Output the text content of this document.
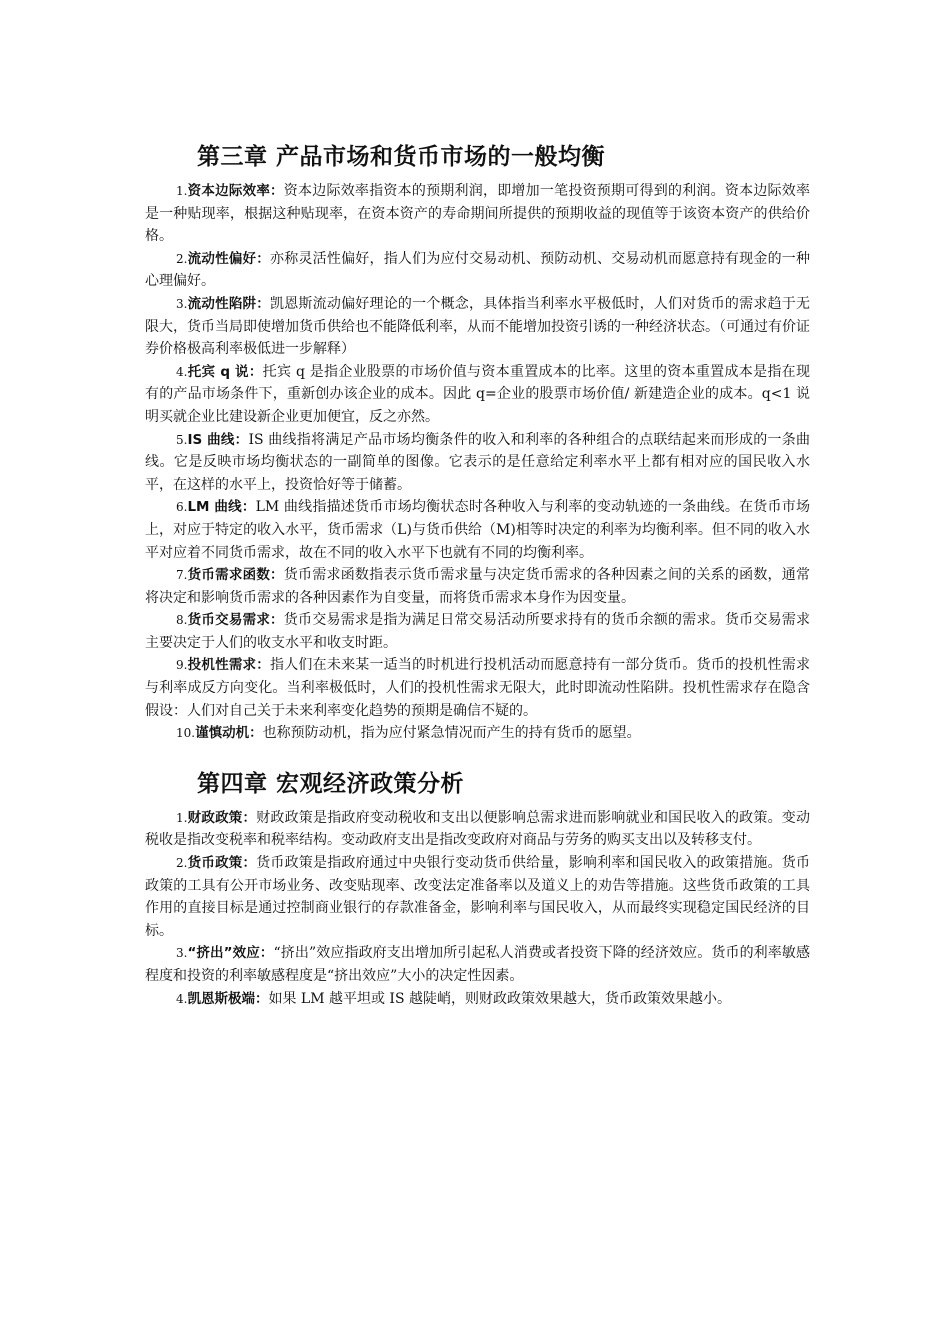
第三章 产品市场和货币市场的一般均衡

1.资本边际效率：资本边际效率指资本的预期利润，即增加一笔投资预期可得到的利润。资本边际效率是一种贴现率，根据这种贴现率，在资本资产的寿命期间所提供的预期收益的现值等于该资本资产的供给价格。

2.流动性偏好：亦称灵活性偏好，指人们为应付交易动机、预防动机、交易动机而愿意持有现金的一种心理偏好。

3.流动性陷阱：凯恩斯流动偏好理论的一个概念，具体指当利率水平极低时，人们对货币的需求趋于无限大，货币当局即使增加货币供给也不能降低利率，从而不能增加投资引诱的一种经济状态。（可通过有价证券价格极高利率极低进一步解释）

4.托宾 q 说：托宾 q 是指企业股票的市场价值与资本重置成本的比率。这里的资本重置成本是指在现有的产品市场条件下，重新创办该企业的成本。因此 q=企业的股票市场价值/ 新建造企业的成本。q<1 说明买就企业比建设新企业更加便宜，反之亦然。

5.IS 曲线：IS 曲线指将满足产品市场均衡条件的收入和利率的各种组合的点联结起来而形成的一条曲线。它是反映市场均衡状态的一副简单的图像。它表示的是任意给定利率水平上都有相对应的国民收入水平，在这样的水平上，投资恰好等于储蓄。

6.LM 曲线：LM 曲线指描述货币市场均衡状态时各种收入与利率的变动轨迹的一条曲线。在货币市场上，对应于特定的收入水平，货币需求（L)与货币供给（M)相等时决定的利率为均衡利率。但不同的收入水平对应着不同货币需求，故在不同的收入水平下也就有不同的均衡利率。

7.货币需求函数：货币需求函数指表示货币需求量与决定货币需求的各种因素之间的关系的函数，通常将决定和影响货币需求的各种因素作为自变量，而将货币需求本身作为因变量。

8.货币交易需求：货币交易需求是指为满足日常交易活动所要求持有的货币余额的需求。货币交易需求主要决定于人们的收支水平和收支时距。

9.投机性需求：指人们在未来某一适当的时机进行投机活动而愿意持有一部分货币。货币的投机性需求与利率成反方向变化。当利率极低时，人们的投机性需求无限大，此时即流动性陷阱。投机性需求存在隐含假设：人们对自己关于未来利率变化趋势的预期是确信不疑的。

10.谨慎动机：也称预防动机，指为应付紧急情况而产生的持有货币的愿望。

第四章 宏观经济政策分析

1.财政政策：财政政策是指政府变动税收和支出以便影响总需求进而影响就业和国民收入的政策。变动税收是指改变税率和税率结构。变动政府支出是指改变政府对商品与劳务的购买支出以及转移支付。

2.货币政策：货币政策是指政府通过中央银行变动货币供给量，影响利率和国民收入的政策措施。货币政策的工具有公开市场业务、改变贴现率、改变法定准备率以及道义上的劝告等措施。这些货币政策的工具作用的直接目标是通过控制商业银行的存款准备金，影响利率与国民收入，从而最终实现稳定国民经济的目标。

3.“挤出”效应：“挤出”效应指政府支出增加所引起私人消费或者投资下降的经济效应。货币的利率敏感程度和投资的利率敏感程度是“挤出效应”大小的决定性因素。

4.凯恩斯极端：如果 LM 越平坦或 IS 越陡峭，则财政政策效果越大，货币政策效果越小。
